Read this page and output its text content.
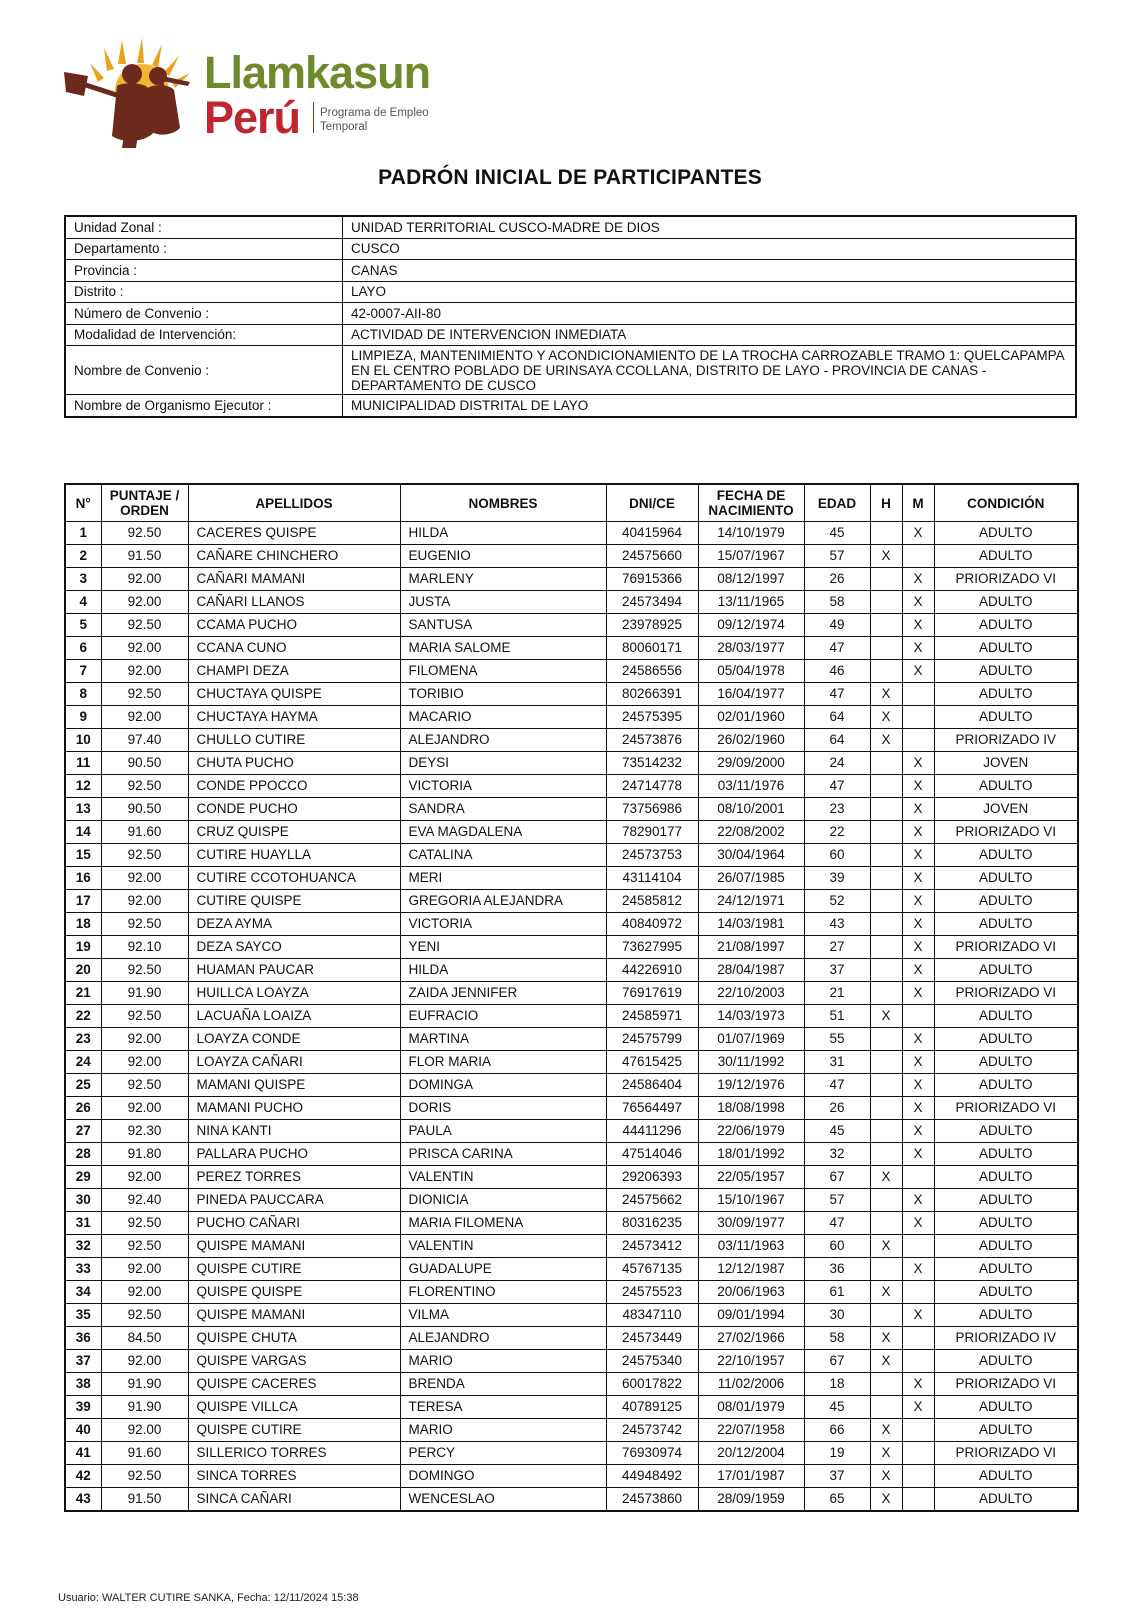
Llamkasun
Perú Programa de Empleo
Temporal
PADRÓN INICIAL DE PARTICIPANTES
Unidad Zonal :	UNIDAD TERRITORIAL CUSCO-MADRE DE DIOS
Departamento :	CUSCO
Provincia :	CANAS
Distrito :	LAYO
Número de Convenio :	42-0007-AII-80
Modalidad de Intervención:	ACTIVIDAD DE INTERVENCION INMEDIATA
Nombre de Convenio :	LIMPIEZA, MANTENIMIENTO Y ACONDICIONAMIENTO DE LA TROCHA CARROZABLE TRAMO 1: QUELCAPAMPA EN EL CENTRO POBLADO DE URINSAYA CCOLLANA, DISTRITO DE LAYO - PROVINCIA DE CANAS - DEPARTAMENTO DE CUSCO
Nombre de Organismo Ejecutor :	MUNICIPALIDAD DISTRITAL DE LAYO
N°	PUNTAJE / ORDEN	APELLIDOS	NOMBRES	DNI/CE	FECHA DE NACIMIENTO	EDAD	H	M	CONDICIÓN
1	92.50	CACERES QUISPE	HILDA	40415964	14/10/1979	45		X	ADULTO
2	91.50	CAÑARE CHINCHERO	EUGENIO	24575660	15/07/1967	57	X		ADULTO
3	92.00	CAÑARI MAMANI	MARLENY	76915366	08/12/1997	26		X	PRIORIZADO VI
4	92.00	CAÑARI LLANOS	JUSTA	24573494	13/11/1965	58		X	ADULTO
5	92.50	CCAMA PUCHO	SANTUSA	23978925	09/12/1974	49		X	ADULTO
6	92.00	CCANA CUNO	MARIA SALOME	80060171	28/03/1977	47		X	ADULTO
7	92.00	CHAMPI DEZA	FILOMENA	24586556	05/04/1978	46		X	ADULTO
8	92.50	CHUCTAYA QUISPE	TORIBIO	80266391	16/04/1977	47	X		ADULTO
9	92.00	CHUCTAYA HAYMA	MACARIO	24575395	02/01/1960	64	X		ADULTO
10	97.40	CHULLO CUTIRE	ALEJANDRO	24573876	26/02/1960	64	X		PRIORIZADO IV
11	90.50	CHUTA PUCHO	DEYSI	73514232	29/09/2000	24		X	JOVEN
12	92.50	CONDE PPOCCO	VICTORIA	24714778	03/11/1976	47		X	ADULTO
13	90.50	CONDE PUCHO	SANDRA	73756986	08/10/2001	23		X	JOVEN
14	91.60	CRUZ QUISPE	EVA MAGDALENA	78290177	22/08/2002	22		X	PRIORIZADO VI
15	92.50	CUTIRE HUAYLLA	CATALINA	24573753	30/04/1964	60		X	ADULTO
16	92.00	CUTIRE CCOTOHUANCA	MERI	43114104	26/07/1985	39		X	ADULTO
17	92.00	CUTIRE QUISPE	GREGORIA ALEJANDRA	24585812	24/12/1971	52		X	ADULTO
18	92.50	DEZA AYMA	VICTORIA	40840972	14/03/1981	43		X	ADULTO
19	92.10	DEZA SAYCO	YENI	73627995	21/08/1997	27		X	PRIORIZADO VI
20	92.50	HUAMAN PAUCAR	HILDA	44226910	28/04/1987	37		X	ADULTO
21	91.90	HUILLCA LOAYZA	ZAIDA JENNIFER	76917619	22/10/2003	21		X	PRIORIZADO VI
22	92.50	LACUAÑA LOAIZA	EUFRACIO	24585971	14/03/1973	51	X		ADULTO
23	92.00	LOAYZA CONDE	MARTINA	24575799	01/07/1969	55		X	ADULTO
24	92.00	LOAYZA CAÑARI	FLOR MARIA	47615425	30/11/1992	31		X	ADULTO
25	92.50	MAMANI QUISPE	DOMINGA	24586404	19/12/1976	47		X	ADULTO
26	92.00	MAMANI PUCHO	DORIS	76564497	18/08/1998	26		X	PRIORIZADO VI
27	92.30	NINA KANTI	PAULA	44411296	22/06/1979	45		X	ADULTO
28	91.80	PALLARA PUCHO	PRISCA CARINA	47514046	18/01/1992	32		X	ADULTO
29	92.00	PEREZ TORRES	VALENTIN	29206393	22/05/1957	67	X		ADULTO
30	92.40	PINEDA PAUCCARA	DIONICIA	24575662	15/10/1967	57		X	ADULTO
31	92.50	PUCHO CAÑARI	MARIA FILOMENA	80316235	30/09/1977	47		X	ADULTO
32	92.50	QUISPE MAMANI	VALENTIN	24573412	03/11/1963	60	X		ADULTO
33	92.00	QUISPE CUTIRE	GUADALUPE	45767135	12/12/1987	36		X	ADULTO
34	92.00	QUISPE QUISPE	FLORENTINO	24575523	20/06/1963	61	X		ADULTO
35	92.50	QUISPE MAMANI	VILMA	48347110	09/01/1994	30		X	ADULTO
36	84.50	QUISPE CHUTA	ALEJANDRO	24573449	27/02/1966	58	X		PRIORIZADO IV
37	92.00	QUISPE VARGAS	MARIO	24575340	22/10/1957	67	X		ADULTO
38	91.90	QUISPE CACERES	BRENDA	60017822	11/02/2006	18		X	PRIORIZADO VI
39	91.90	QUISPE VILLCA	TERESA	40789125	08/01/1979	45		X	ADULTO
40	92.00	QUISPE CUTIRE	MARIO	24573742	22/07/1958	66	X		ADULTO
41	91.60	SILLERICO TORRES	PERCY	76930974	20/12/2004	19	X		PRIORIZADO VI
42	92.50	SINCA TORRES	DOMINGO	44948492	17/01/1987	37	X		ADULTO
43	91.50	SINCA CAÑARI	WENCESLAO	24573860	28/09/1959	65	X		ADULTO
Usuario: WALTER CUTIRE SANKA, Fecha: 12/11/2024 15:38
